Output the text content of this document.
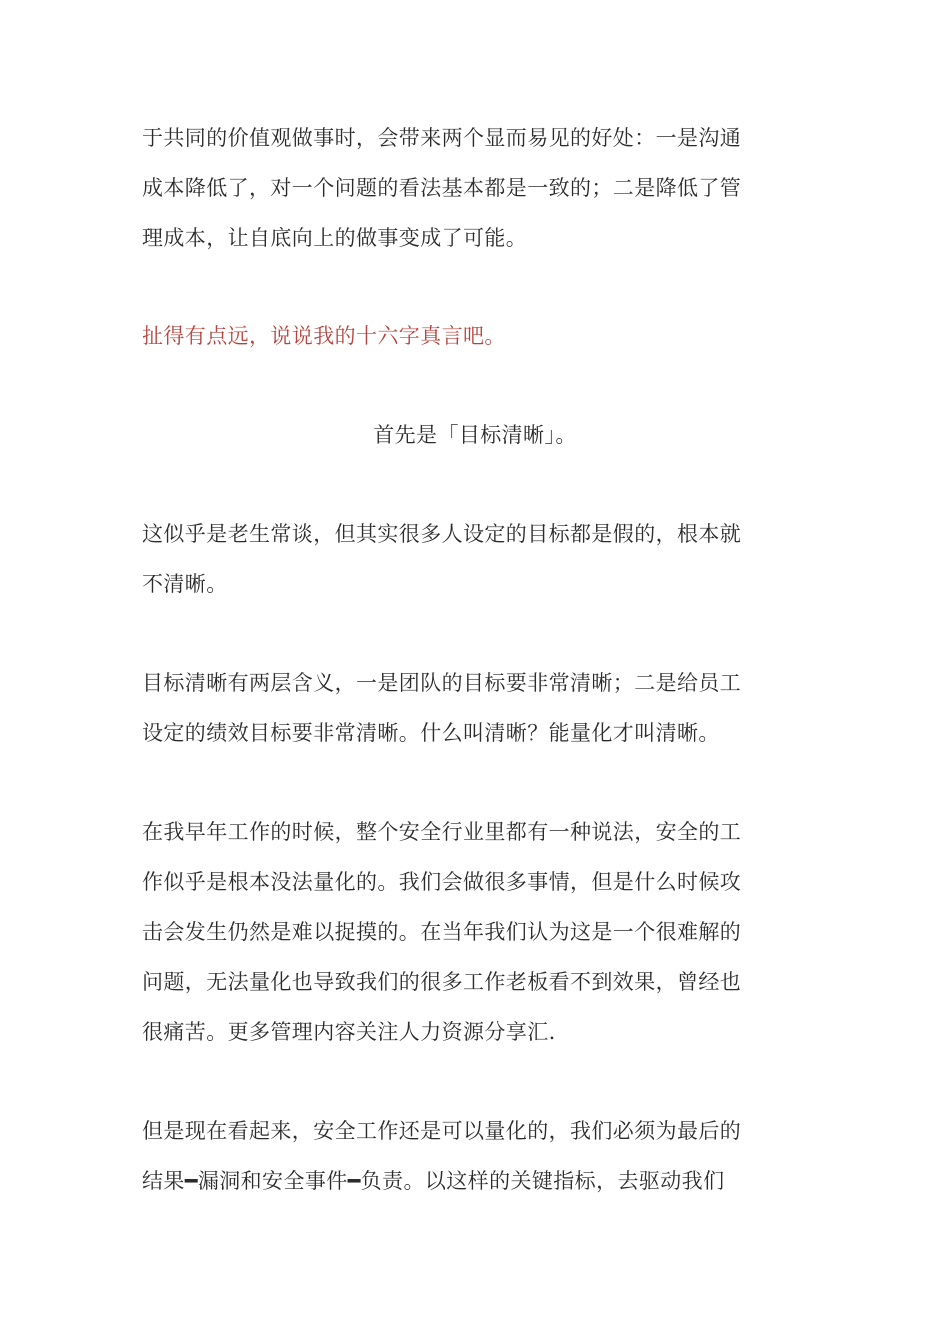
于共同的价值观做事时，会带来两个显而易见的好处：一是沟通
成本降低了，对一个问题的看法基本都是一致的；二是降低了管
理成本，让自底向上的做事变成了可能。
扯得有点远，说说我的十六字真言吧。
首先是「目标清晰」。
这似乎是老生常谈，但其实很多人设定的目标都是假的，根本就
不清晰。
目标清晰有两层含义，一是团队的目标要非常清晰；二是给员工
设定的绩效目标要非常清晰。什么叫清晰？能量化才叫清晰。
在我早年工作的时候，整个安全行业里都有一种说法，安全的工
作似乎是根本没法量化的。我们会做很多事情，但是什么时候攻
击会发生仍然是难以捉摸的。在当年我们认为这是一个很难解的
问题，无法量化也导致我们的很多工作老板看不到效果，曾经也
很痛苦。更多管理内容关注人力资源分享汇.
但是现在看起来，安全工作还是可以量化的，我们必须为最后的
结果━漏洞和安全事件━负责。以这样的关键指标，去驱动我们
